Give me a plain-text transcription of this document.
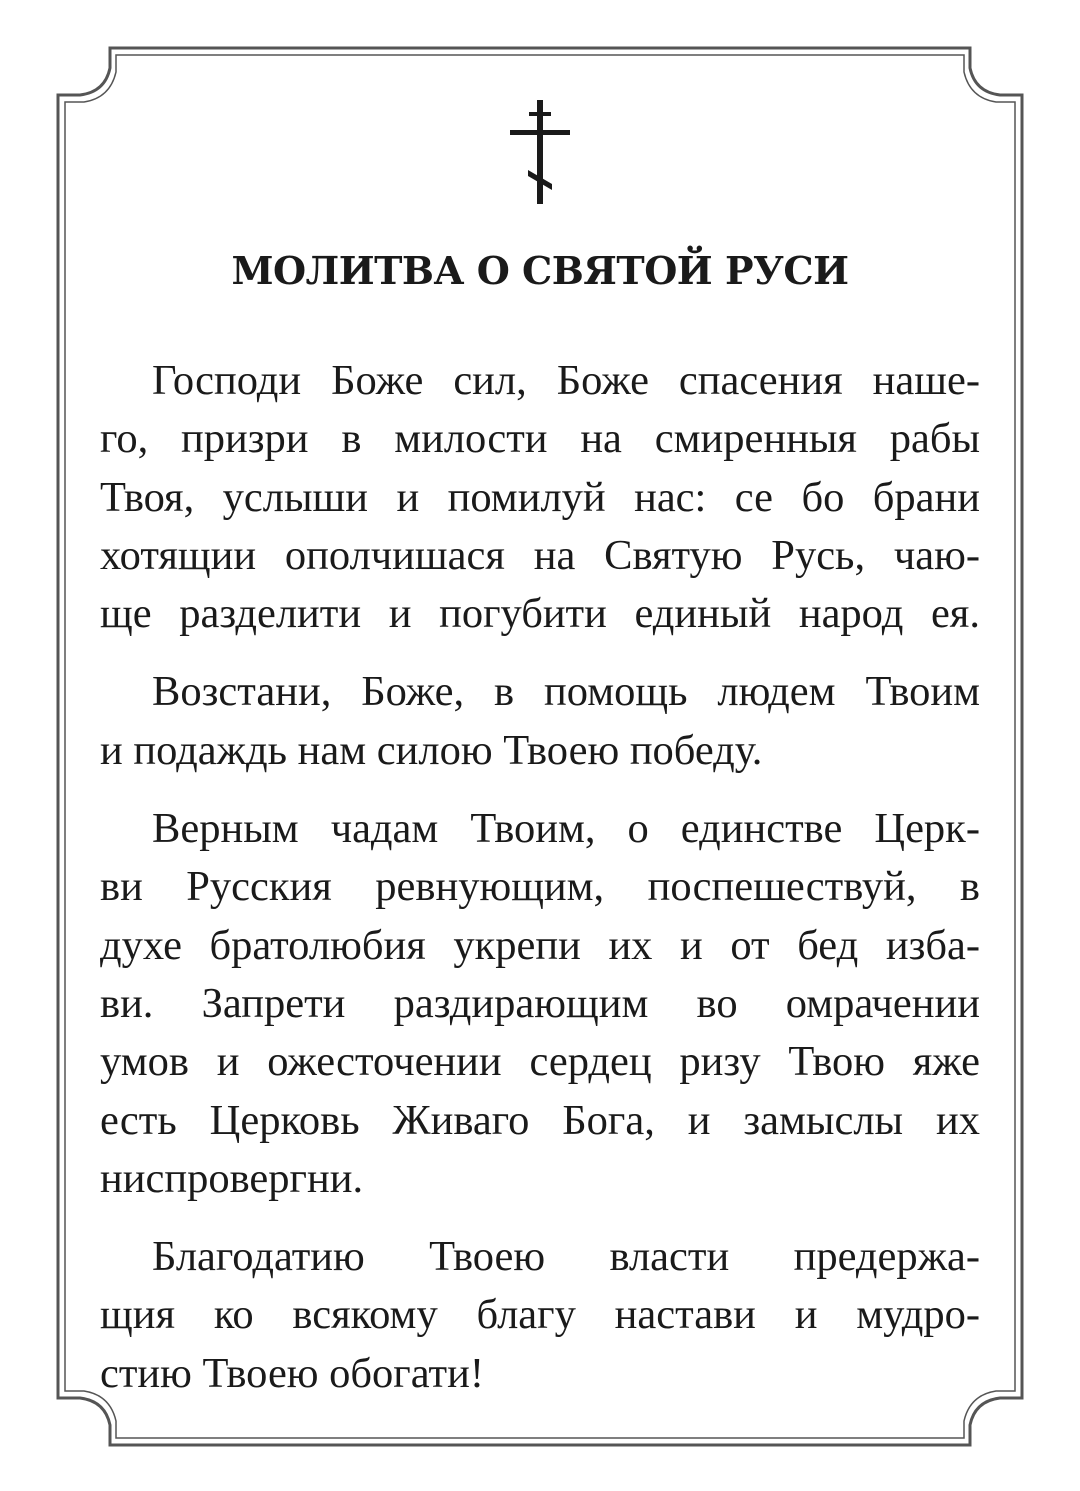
МОЛИТВА О СВЯТОЙ РУСИ
Господи Боже сил, Боже спасения наше-
го, призри в милости на смиренныя рабы
Твоя, услыши и помилуй нас: се бо брани
хотящии ополчишася на Святую Русь, чаю-
ще разделити и погубити единый народ ея.
Возстани, Боже, в помощь людем Твоим
и подаждь нам силою Твоею победу.
Верным чадам Твоим, о единстве Церк-
ви Русския ревнующим, поспешествуй, в
духе братолюбия укрепи их и от бед изба-
ви. Запрети раздирающим во омрачении
умов и ожесточении сердец ризу Твою яже
есть Церковь Живаго Бога, и замыслы их
ниспровергни.
Благодатию Твоею власти предержа-
щия ко всякому благу настави и мудро-
стию Твоею обогати!
